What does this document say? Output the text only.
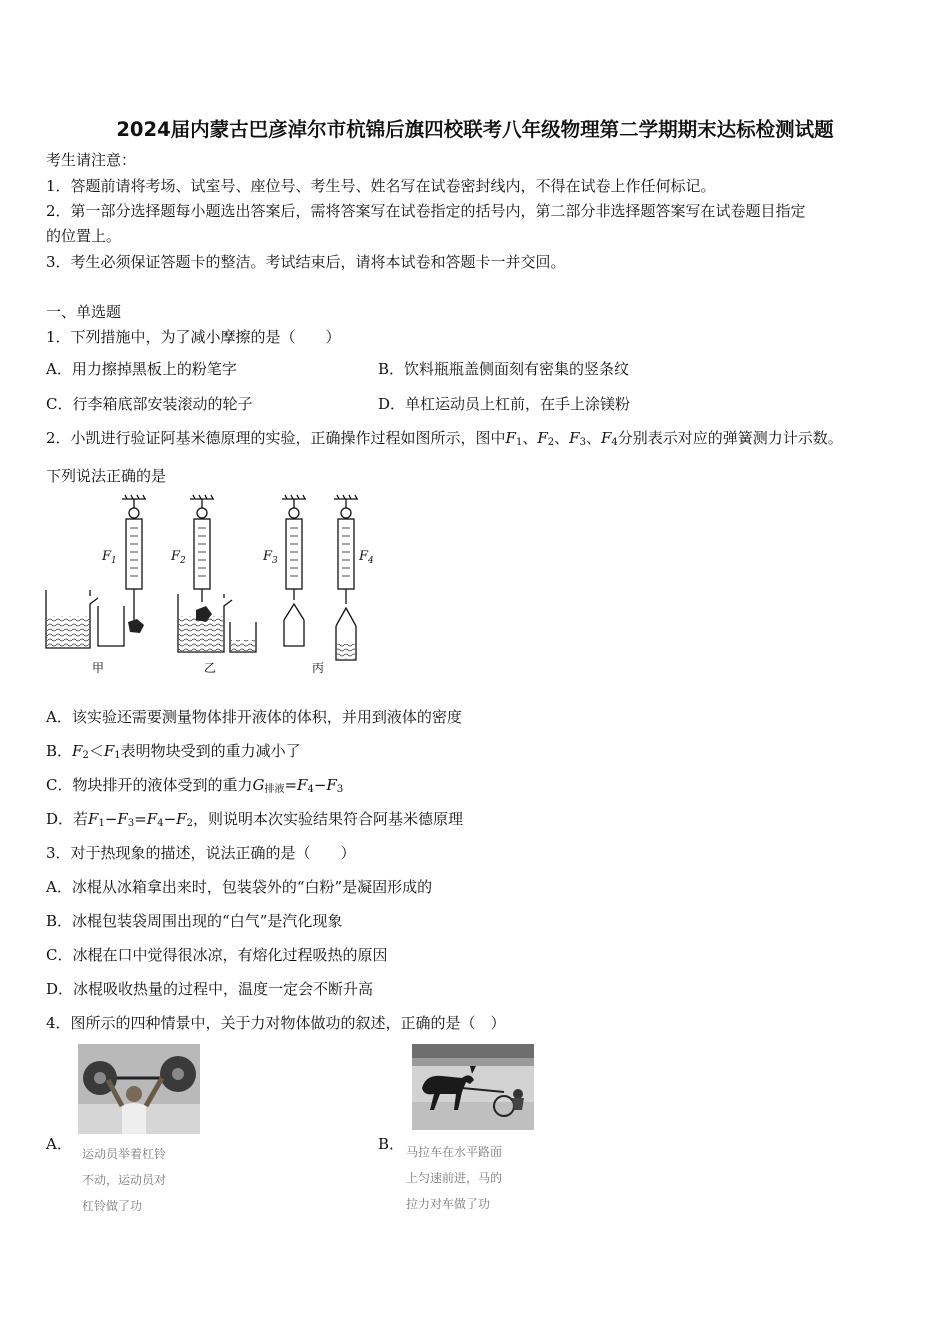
2024届内蒙古巴彦淖尔市杭锦后旗四校联考八年级物理第二学期期末达标检测试题
考生请注意：
1．答题前请将考场、试室号、座位号、考生号、姓名写在试卷密封线内，不得在试卷上作任何标记。
2．第一部分选择题每小题选出答案后，需将答案写在试卷指定的括号内，第二部分非选择题答案写在试卷题目指定
的位置上。
3．考生必须保证答题卡的整洁。考试结束后，请将本试卷和答题卡一并交回。
一、单选题
1．下列措施中，为了减小摩擦的是（　　）
A．用力擦掉黑板上的粉笔字	B．饮料瓶瓶盖侧面刻有密集的竖条纹
C．行李箱底部安装滚动的轮子	D．单杠运动员上杠前，在手上涂镁粉
2．小凯进行验证阿基米德原理的实验，正确操作过程如图所示，图中$F_1$、$F_2$、$F_3$、$F_4$分别表示对应的弹簧测力计示数。
下列说法正确的是
$F_1$	$F_2$	$F_3$	$F_4$
甲	乙	丙
A．该实验还需要测量物体排开液体的体积，并用到液体的密度
B．$F_2<F_1$表明物块受到的重力减小了
C．物块排开的液体受到的重力$G_{排液}=F_4-F_3$
D．若$F_1-F_3=F_4-F_2$，则说明本次实验结果符合阿基米德原理
3．对于热现象的描述，说法正确的是（　　）
A．冰棍从冰箱拿出来时，包装袋外的“白粉”是凝固形成的
B．冰棍包装袋周围出现的“白气”是汽化现象
C．冰棍在口中觉得很冰凉，有熔化过程吸热的原因
D．冰棍吸收热量的过程中，温度一定会不断升高
4．图所示的四种情景中，关于力对物体做功的叙述，正确的是（　）
A．
运动员举着杠铃
不动，运动员对
杠铃做了功
B． 马拉车在水平路面
上匀速前进，马的
拉力对车做了功
